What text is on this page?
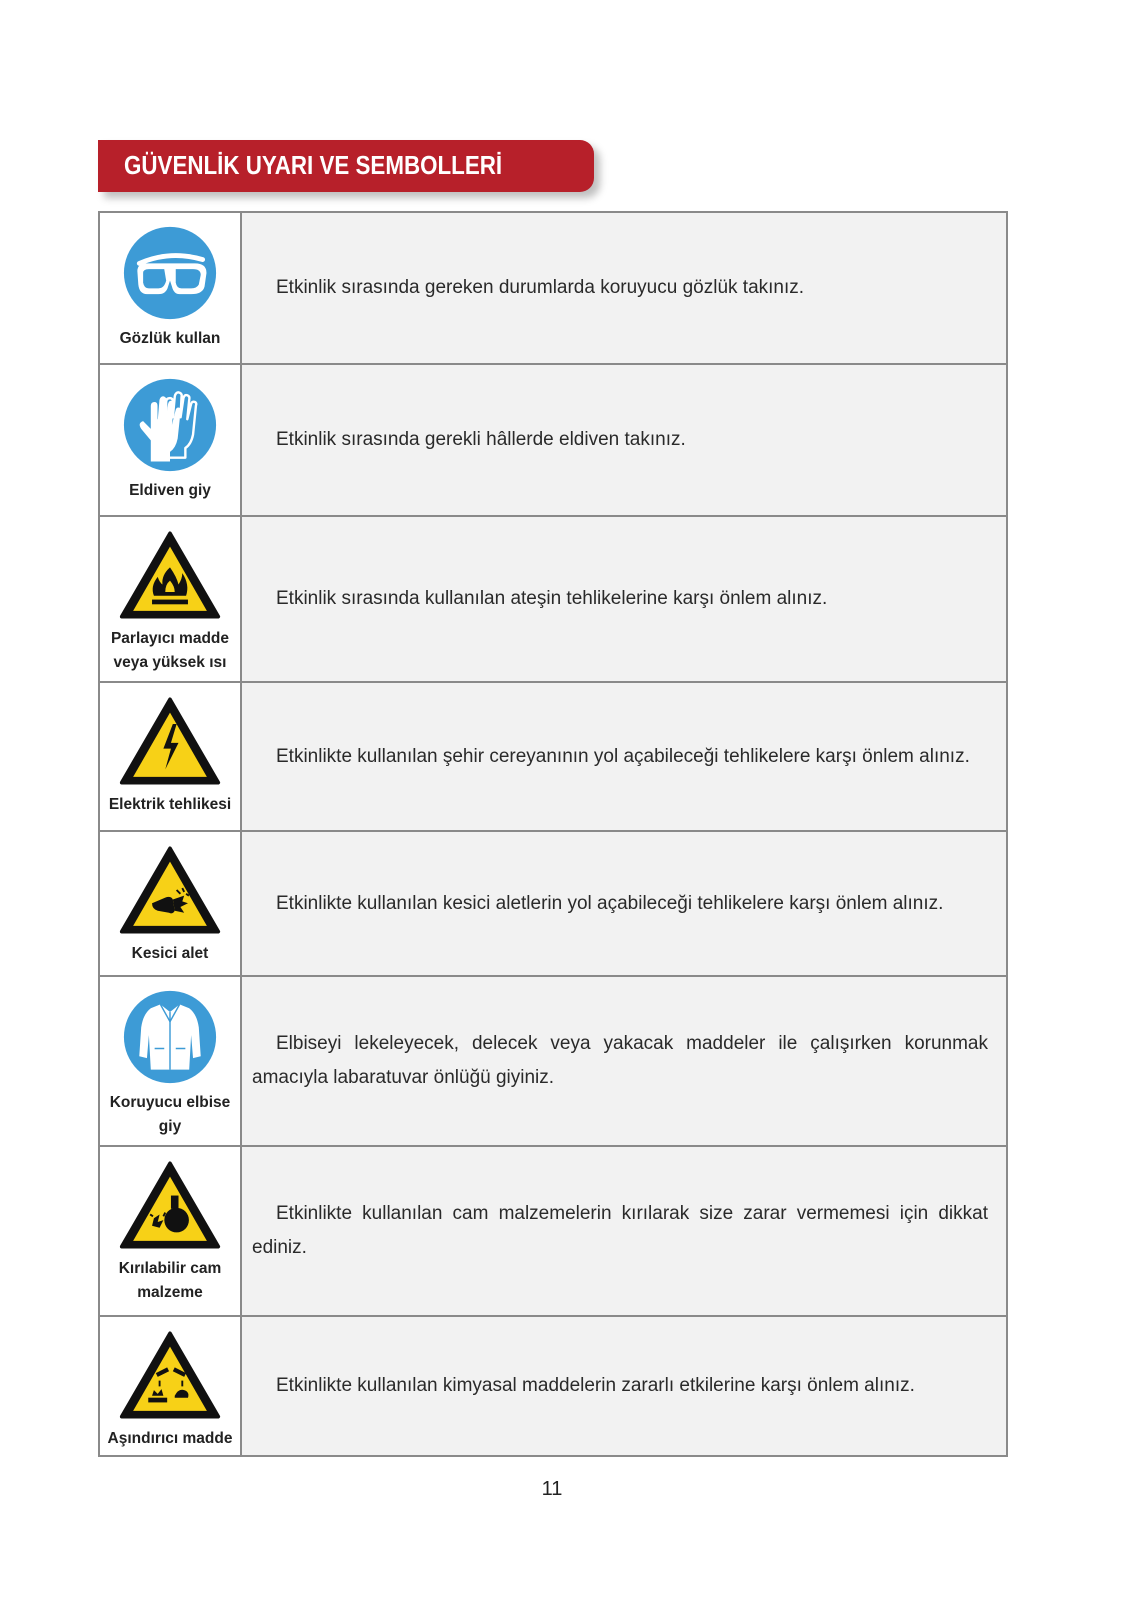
GÜVENLİK UYARI VE SEMBOLLERİ
Gözlük kullan
Etkinlik sırasında gereken durumlarda koruyucu gözlük takınız.
Eldiven giy
Etkinlik sırasında gerekli hâllerde eldiven takınız.
Parlayıcı madde veya yüksek ısı
Etkinlik sırasında kullanılan ateşin tehlikelerine karşı önlem alınız.
Elektrik tehlikesi
Etkinlikte kullanılan şehir cereyanının yol açabileceği tehlikelere karşı önlem alınız.
Kesici alet
Etkinlikte kullanılan kesici aletlerin yol açabileceği tehlikelere karşı önlem alınız.
Koruyucu elbise giy
Elbiseyi lekeleyecek, delecek veya yakacak maddeler ile çalışırken korunmak amacıyla labaratuvar önlüğü giyiniz.
Kırılabilir cam malzeme
Etkinlikte kullanılan cam malzemelerin kırılarak size zarar vermemesi için dikkat ediniz.
Aşındırıcı madde
Etkinlikte kullanılan kimyasal maddelerin zararlı etkilerine karşı önlem alınız.
11
